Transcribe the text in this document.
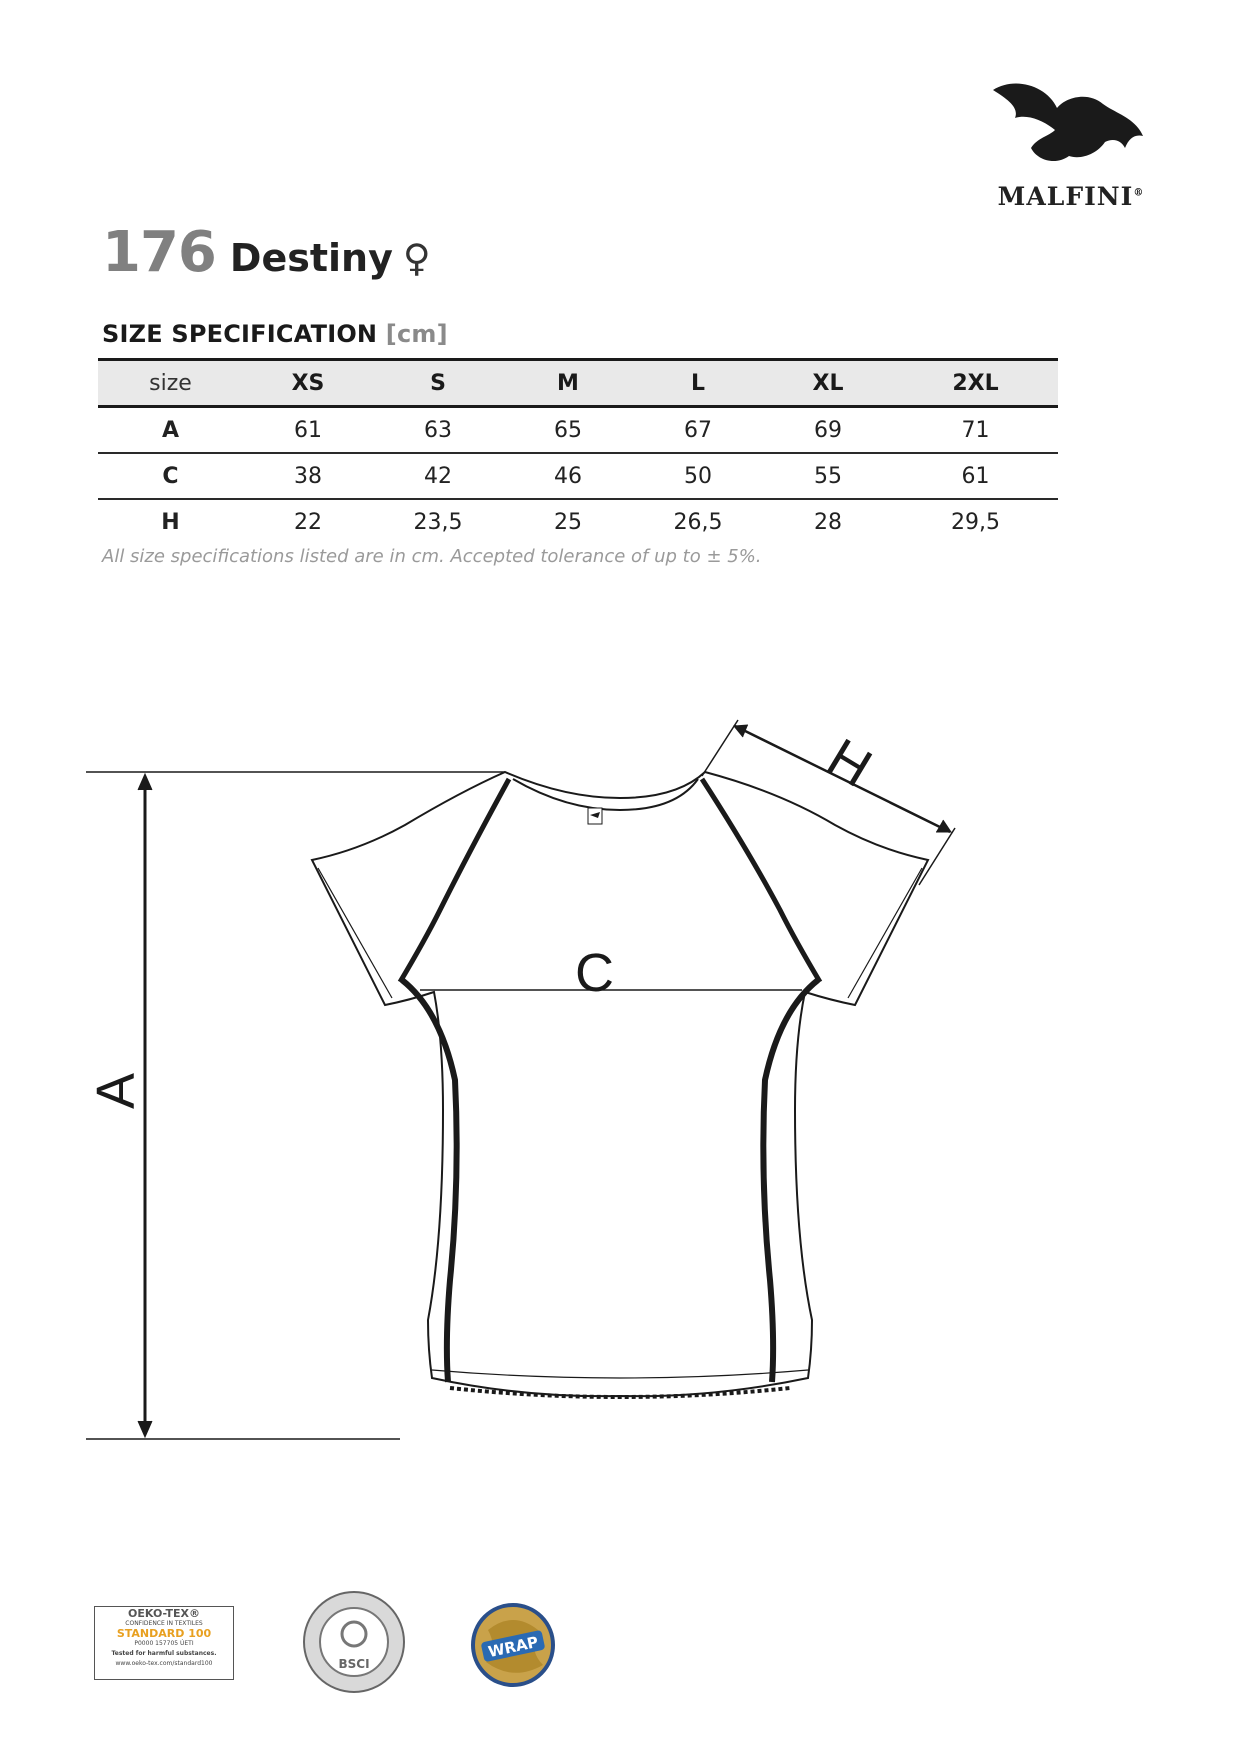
MALFINI®
176 Destiny ♀
SIZE SPECIFICATION [cm]
size	XS	S	M	L	XL	2XL
A	61	63	65	67	69	71
C	38	42	46	50	55	61
H	22	23,5	25	26,5	28	29,5
All size specifications listed are in cm. Accepted tolerance of up to ± 5%.
C
A
H
OEKO-TEX®
CONFIDENCE IN TEXTILES
STANDARD 100
P0000 157705 ÚETI
Tested for harmful substances.
www.oeko-tex.com/standard100	BSCI
WRAP
